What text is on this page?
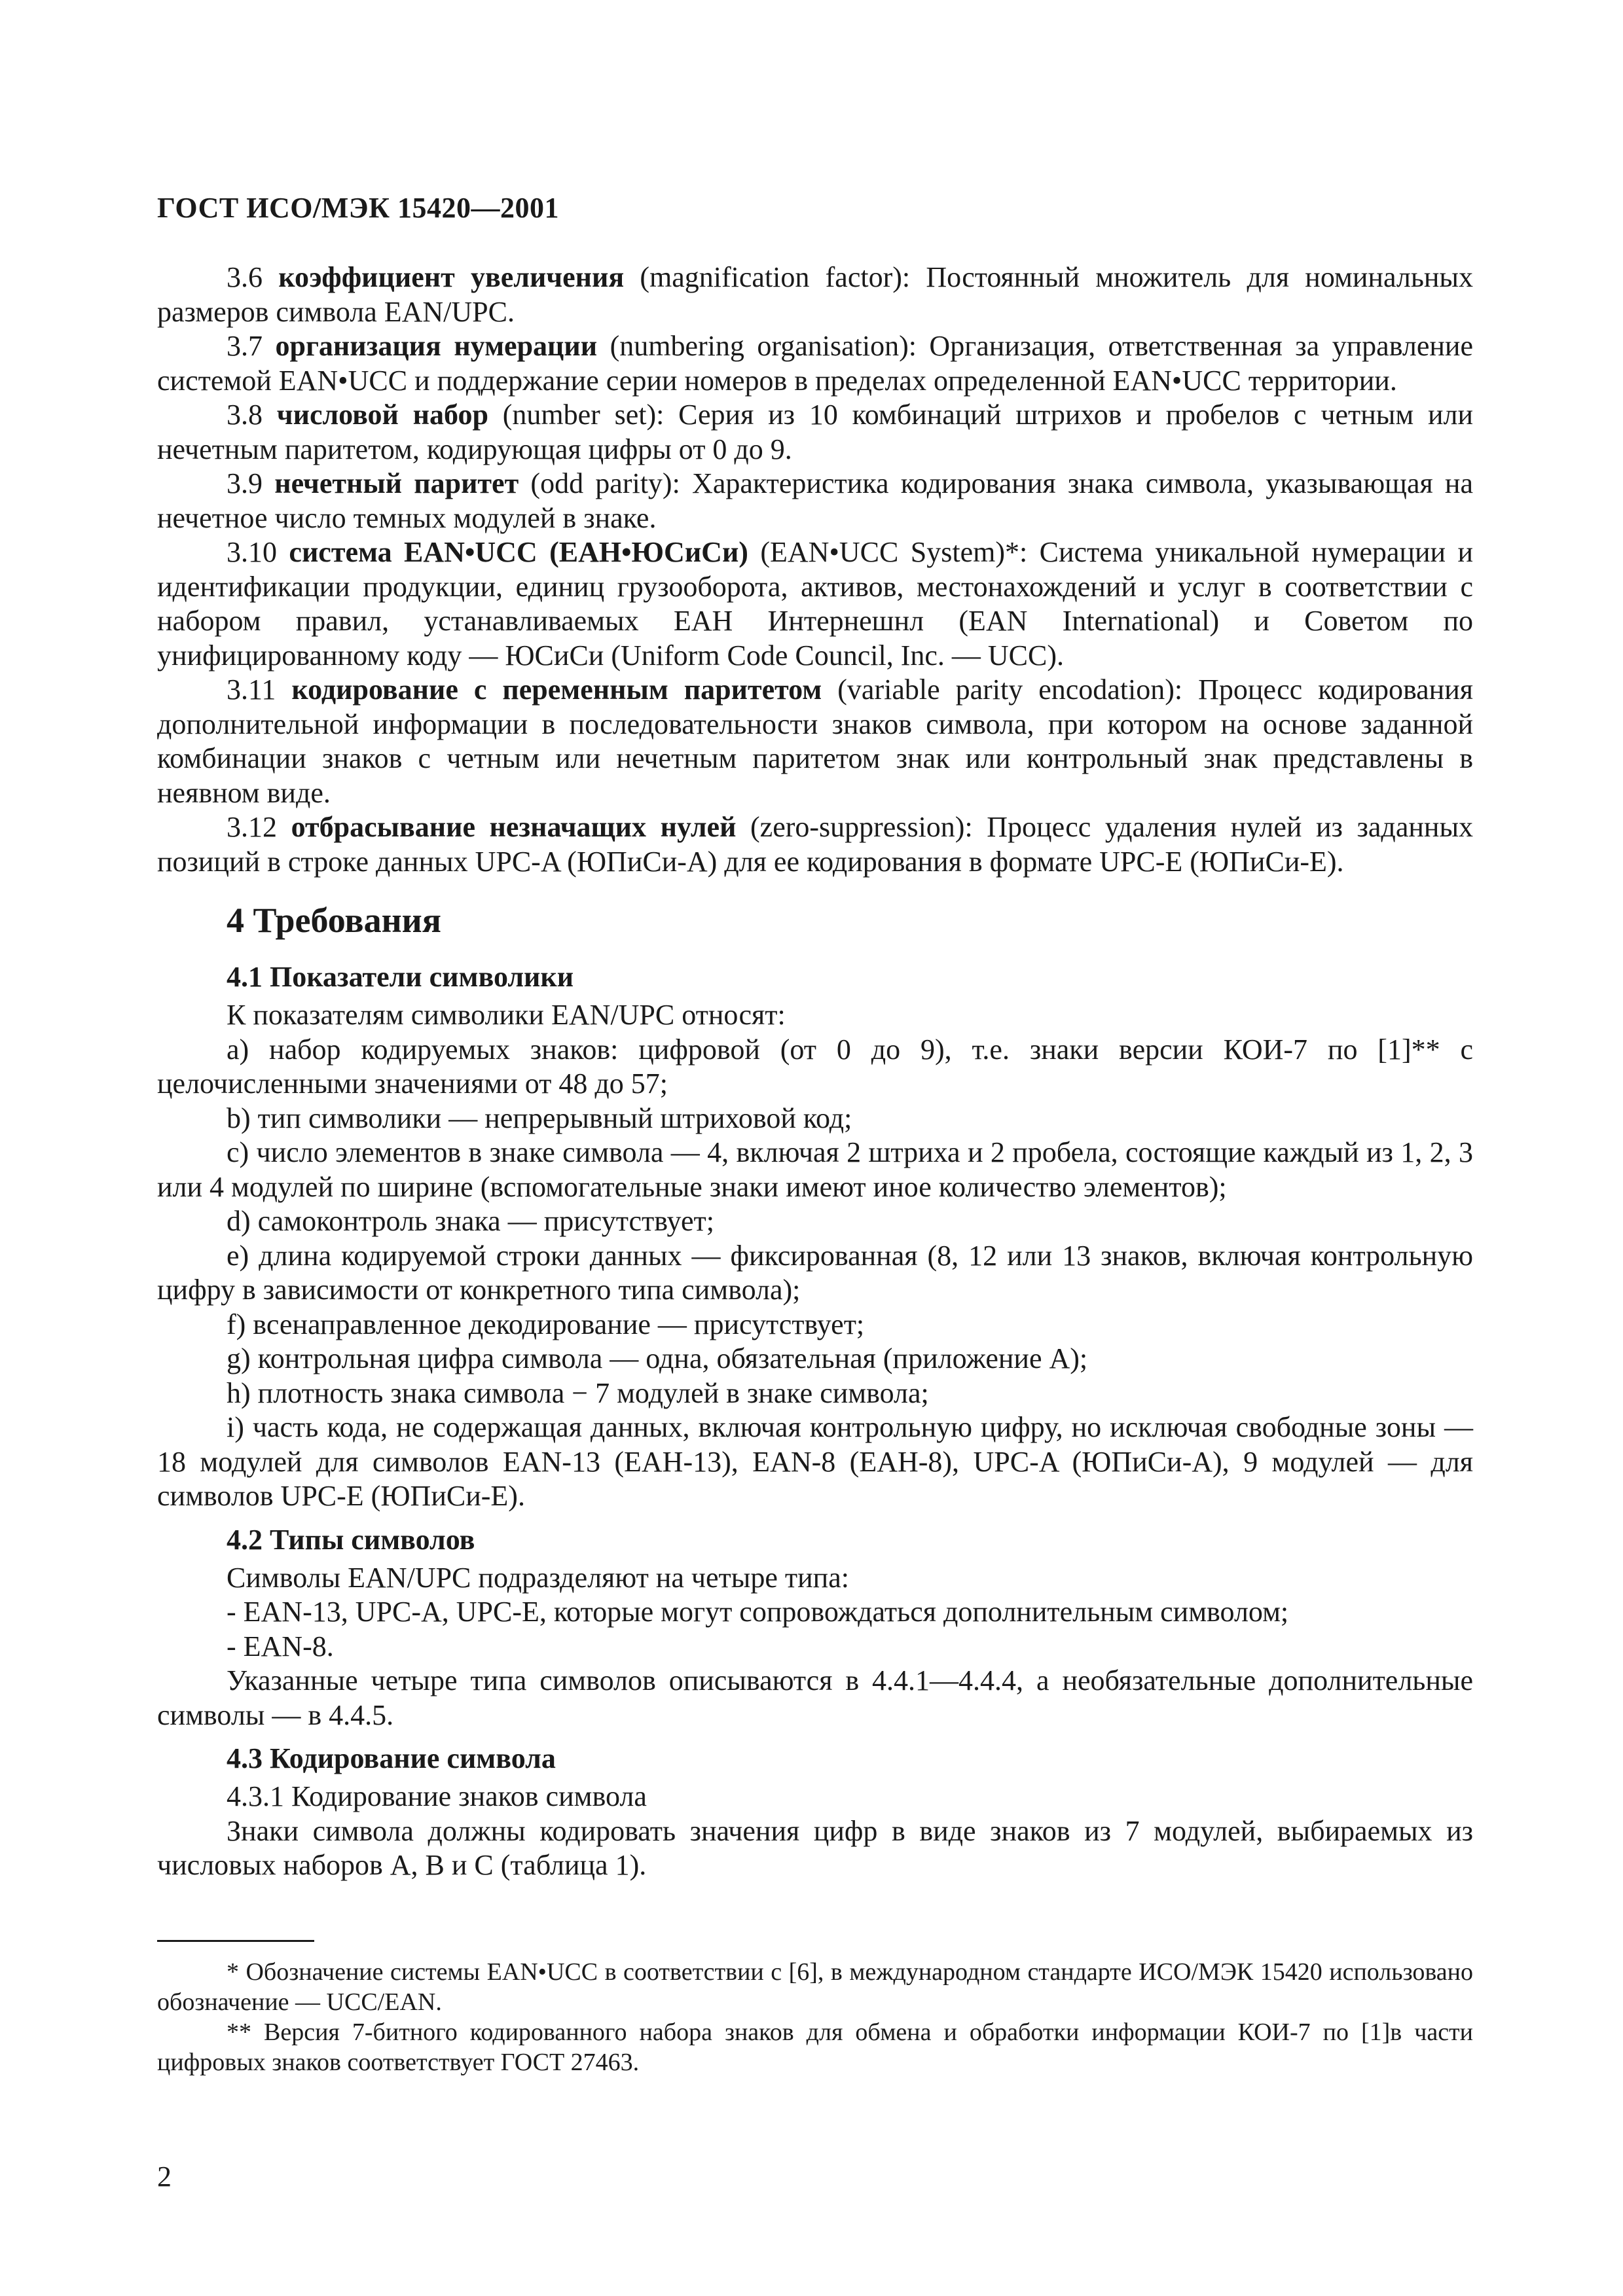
ГОСТ ИСО/МЭК 15420—2001

3.6 коэффициент увеличения (magnification factor): Постоянный множитель для номинальных размеров символа EAN/UPC.

3.7 организация нумерации (numbering organisation): Организация, ответственная за управление системой EAN•UCC и поддержание серии номеров в пределах определенной EAN•UCC территории.

3.8 числовой набор (number set): Серия из 10 комбинаций штрихов и пробелов с четным или нечетным паритетом, кодирующая цифры от 0 до 9.

3.9 нечетный паритет (odd parity): Характеристика кодирования знака символа, указывающая на нечетное число темных модулей в знаке.

3.10 система EAN•UCC (ЕАН•ЮСиСи) (EAN•UCC System)*: Система уникальной нумерации и идентификации продукции, единиц грузооборота, активов, местонахождений и услуг в соответствии с набором правил, устанавливаемых ЕАН Интернешнл (EAN International) и Советом по унифицированному коду — ЮСиСи (Uniform Code Council, Inc. — UCC).

3.11 кодирование с переменным паритетом (variable parity encodation): Процесс кодирования дополнительной информации в последовательности знаков символа, при котором на основе заданной комбинации знаков с четным или нечетным паритетом знак или контрольный знак представлены в неявном виде.

3.12 отбрасывание незначащих нулей (zero-suppression): Процесс удаления нулей из заданных позиций в строке данных UPC-A (ЮПиСи-А) для ее кодирования в формате UPC-E (ЮПиСи-Е).

4 Требования
4.1 Показатели символики

К показателям символики EAN/UPC относят:

a) набор кодируемых знаков: цифровой (от 0 до 9), т.е. знаки версии КОИ-7 по [1]** с целочисленными значениями от 48 до 57;

b) тип символики — непрерывный штриховой код;

c) число элементов в знаке символа — 4, включая 2 штриха и 2 пробела, состоящие каждый из 1, 2, 3 или 4 модулей по ширине (вспомогательные знаки имеют иное количество элементов);

d) самоконтроль знака — присутствует;

e) длина кодируемой строки данных — фиксированная (8, 12 или 13 знаков, включая контрольную цифру в зависимости от конкретного типа символа);

f) всенаправленное декодирование — присутствует;

g) контрольная цифра символа — одна, обязательная (приложение А);

h) плотность знака символа − 7 модулей в знаке символа;

i) часть кода, не содержащая данных, включая контрольную цифру, но исключая свободные зоны — 18 модулей для символов EAN-13 (ЕАН-13), EAN-8 (ЕАН-8), UPC-A (ЮПиСи-А), 9 модулей — для символов UPC-E (ЮПиСи-Е).

4.2 Типы символов

Символы EAN/UPC подразделяют на четыре типа:

- EAN-13, UPC-A, UPC-E, которые могут сопровождаться дополнительным символом;

- EAN-8.

Указанные четыре типа символов описываются в 4.4.1—4.4.4, а необязательные дополнительные символы — в 4.4.5.

4.3 Кодирование символа

4.3.1 Кодирование знаков символа

Знаки символа должны кодировать значения цифр в виде знаков из 7 модулей, выбираемых из числовых наборов А, В и С (таблица 1).

* Обозначение системы EAN•UCC в соответствии с [6], в международном стандарте ИСО/МЭК 15420 использовано обозначение — UCC/EAN.

** Версия 7-битного кодированного набора знаков для обмена и обработки информации КОИ-7 по [1]в части цифровых знаков соответствует ГОСТ 27463.

2
